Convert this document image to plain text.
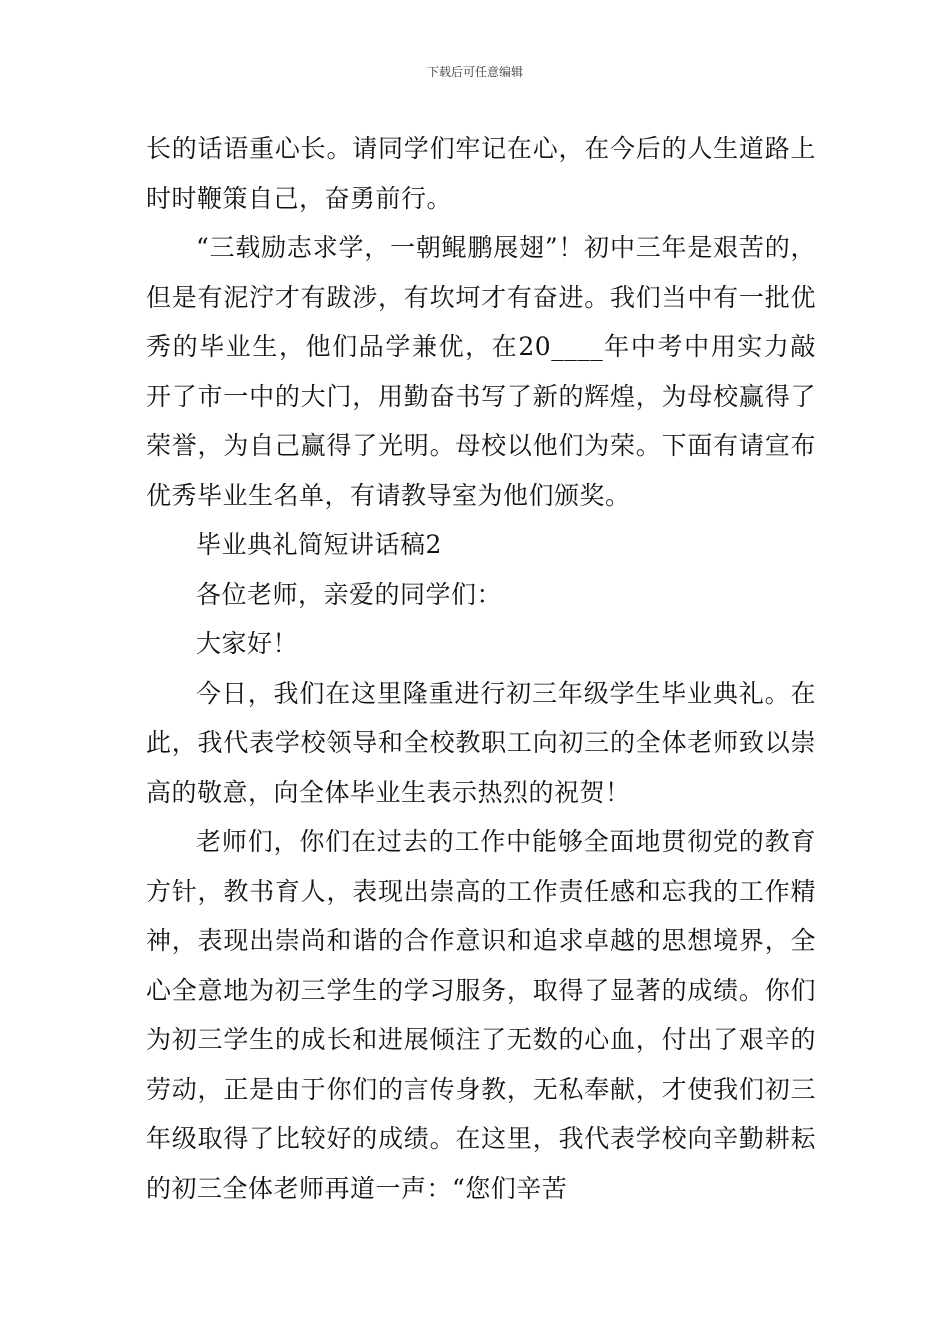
下载后可任意编辑

长的话语重心长。请同学们牢记在心，在今后的人生道路上时时鞭策自己，奋勇前行。

“三载励志求学，一朝鲲鹏展翅”！初中三年是艰苦的，但是有泥泞才有跋涉，有坎坷才有奋进。我们当中有一批优秀的毕业生，他们品学兼优，在20____年中考中用实力敲开了市一中的大门，用勤奋书写了新的辉煌，为母校赢得了荣誉，为自己赢得了光明。母校以他们为荣。下面有请宣布优秀毕业生名单，有请教导室为他们颁奖。

毕业典礼简短讲话稿2

各位老师，亲爱的同学们：

大家好！

今日，我们在这里隆重进行初三年级学生毕业典礼。在此，我代表学校领导和全校教职工向初三的全体老师致以崇高的敬意，向全体毕业生表示热烈的祝贺！

老师们，你们在过去的工作中能够全面地贯彻党的教育方针，教书育人，表现出崇高的工作责任感和忘我的工作精神，表现出崇尚和谐的合作意识和追求卓越的思想境界，全心全意地为初三学生的学习服务，取得了显著的成绩。你们为初三学生的成长和进展倾注了无数的心血，付出了艰辛的劳动，正是由于你们的言传身教，无私奉献，才使我们初三年级取得了比较好的成绩。在这里，我代表学校向辛勤耕耘的初三全体老师再道一声：“您们辛苦
